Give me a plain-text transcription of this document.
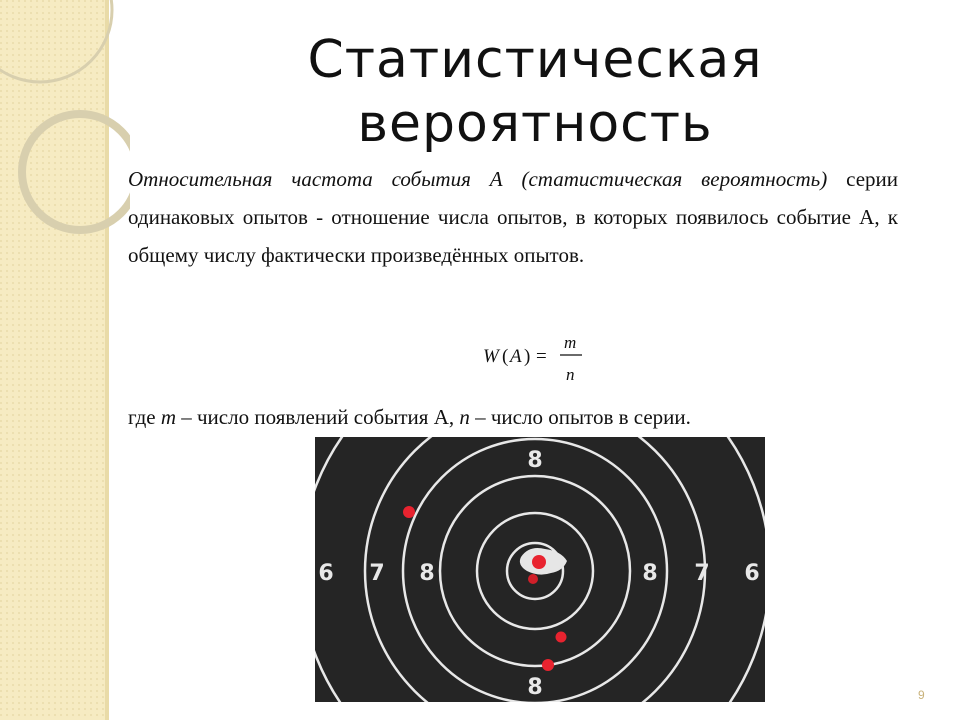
Статистическая
вероятность
Относительная частота события А (статистическая вероятность) серии одинаковых опытов - отношение числа опытов, в которых появилось событие А, к общему числу фактически произведённых опытов.
W ( A ) =
m
n
где m – число появлений события А, n – число опытов в серии.
8
8
6 7 8	8 7 6
9
